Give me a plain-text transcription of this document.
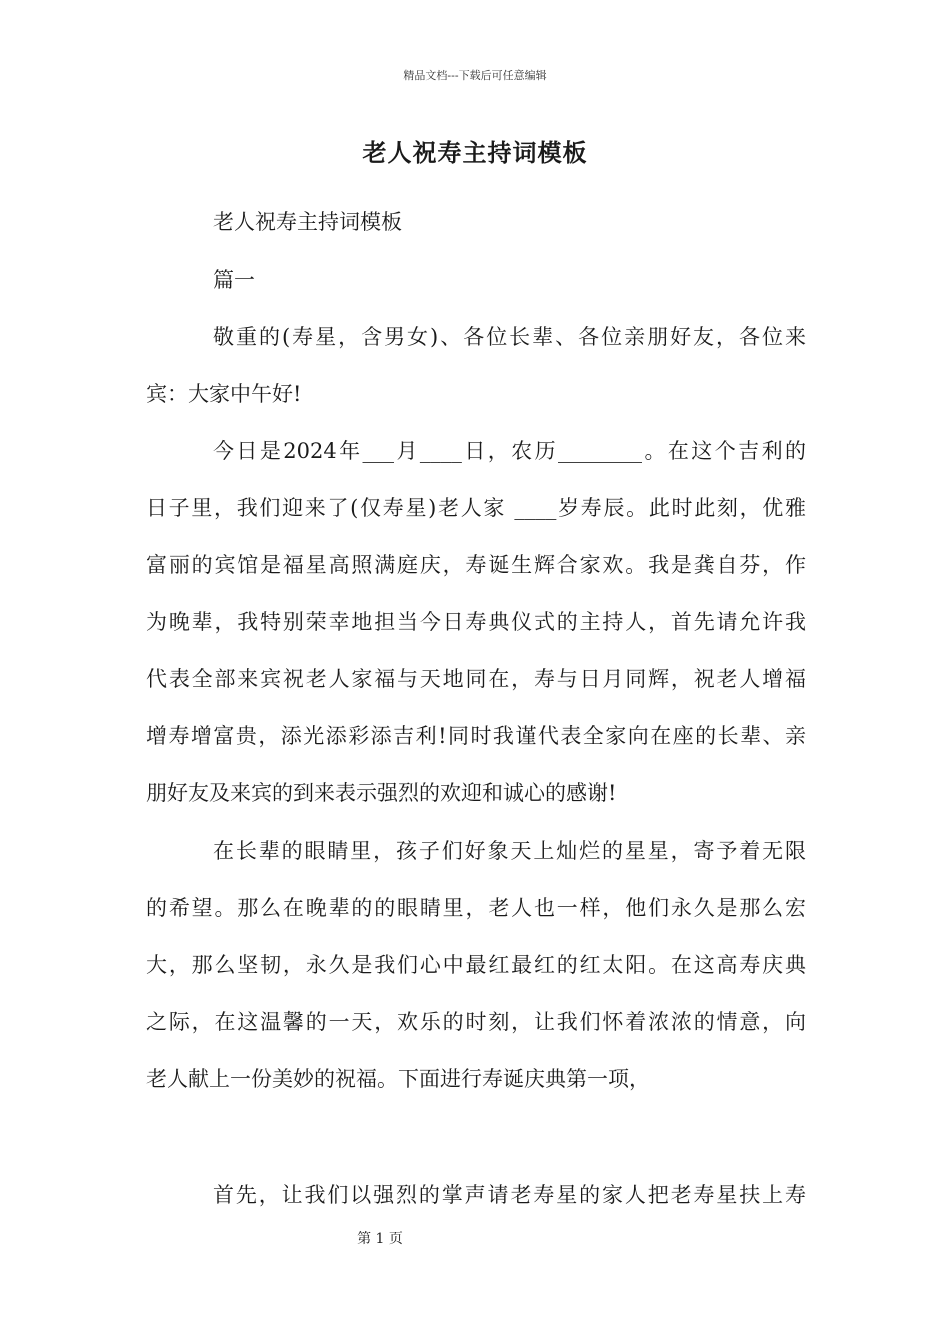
精品文档---下载后可任意编辑
老人祝寿主持词模板
老人祝寿主持词模板
篇一
敬重的(寿星，含男女)、各位长辈、各位亲朋好友，各位来
宾：大家中午好!
今日是2024年___月____日，农历________。在这个吉利的
日子里，我们迎来了(仅寿星)老人家 ____岁寿辰。此时此刻，优雅
富丽的宾馆是福星高照满庭庆，寿诞生辉合家欢。我是龚自芬，作
为晚辈，我特别荣幸地担当今日寿典仪式的主持人，首先请允许我
代表全部来宾祝老人家福与天地同在，寿与日月同辉，祝老人增福
增寿增富贵，添光添彩添吉利!同时我谨代表全家向在座的长辈、亲
朋好友及来宾的到来表示强烈的欢迎和诚心的感谢!
在长辈的眼睛里，孩子们好象天上灿烂的星星，寄予着无限
的希望。那么在晚辈的的眼睛里，老人也一样，他们永久是那么宏
大，那么坚韧，永久是我们心中最红最红的红太阳。在这高寿庆典
之际，在这温馨的一天，欢乐的时刻，让我们怀着浓浓的情意，向
老人献上一份美妙的祝福。下面进行寿诞庆典第一项，
首先，让我们以强烈的掌声请老寿星的家人把老寿星扶上寿
第 1 页
